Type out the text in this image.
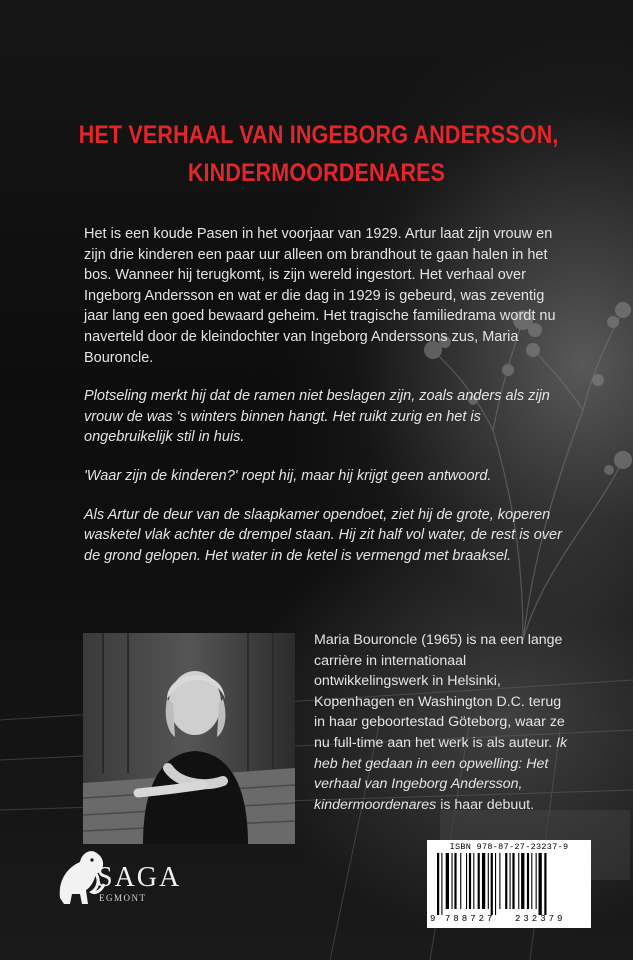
HET VERHAAL VAN INGEBORG ANDERSSON,
KINDERMOORDENARES

Het is een koude Pasen in het voorjaar van 1929. Artur laat zijn vrouw en zijn drie kinderen een paar uur alleen om brandhout te gaan halen in het bos. Wanneer hij terugkomt, is zijn wereld ingestort. Het verhaal over Ingeborg Andersson en wat er die dag in 1929 is gebeurd, was zeventig jaar lang een goed bewaard geheim. Het tragische familiedrama wordt nu naverteld door de kleindochter van Ingeborg Anderssons zus, Maria Bouroncle.

Plotseling merkt hij dat de ramen niet beslagen zijn, zoals anders als zijn vrouw de was 's winters binnen hangt. Het ruikt zurig en het is ongebruikelijk stil in huis.

'Waar zijn de kinderen?' roept hij, maar hij krijgt geen antwoord.

Als Artur de deur van de slaapkamer opendoet, ziet hij de grote, koperen wasketel vlak achter de drempel staan. Hij zit half vol water, de rest is over de grond gelopen. Het water in de ketel is vermengd met braaksel.

Maria Bouroncle (1965) is na een lange carrière in internationaal ontwikkelingswerk in Helsinki, Kopenhagen en Washington D.C. terug in haar geboortestad Göteborg, waar ze nu full-time aan het werk is als auteur. Ik heb het gedaan in een opwelling: Het verhaal van Ingeborg Andersson, kindermoordenares is haar debuut.
SAGA
EGMONT
ISBN 978-87-27-23237-9
9 788727 232379
